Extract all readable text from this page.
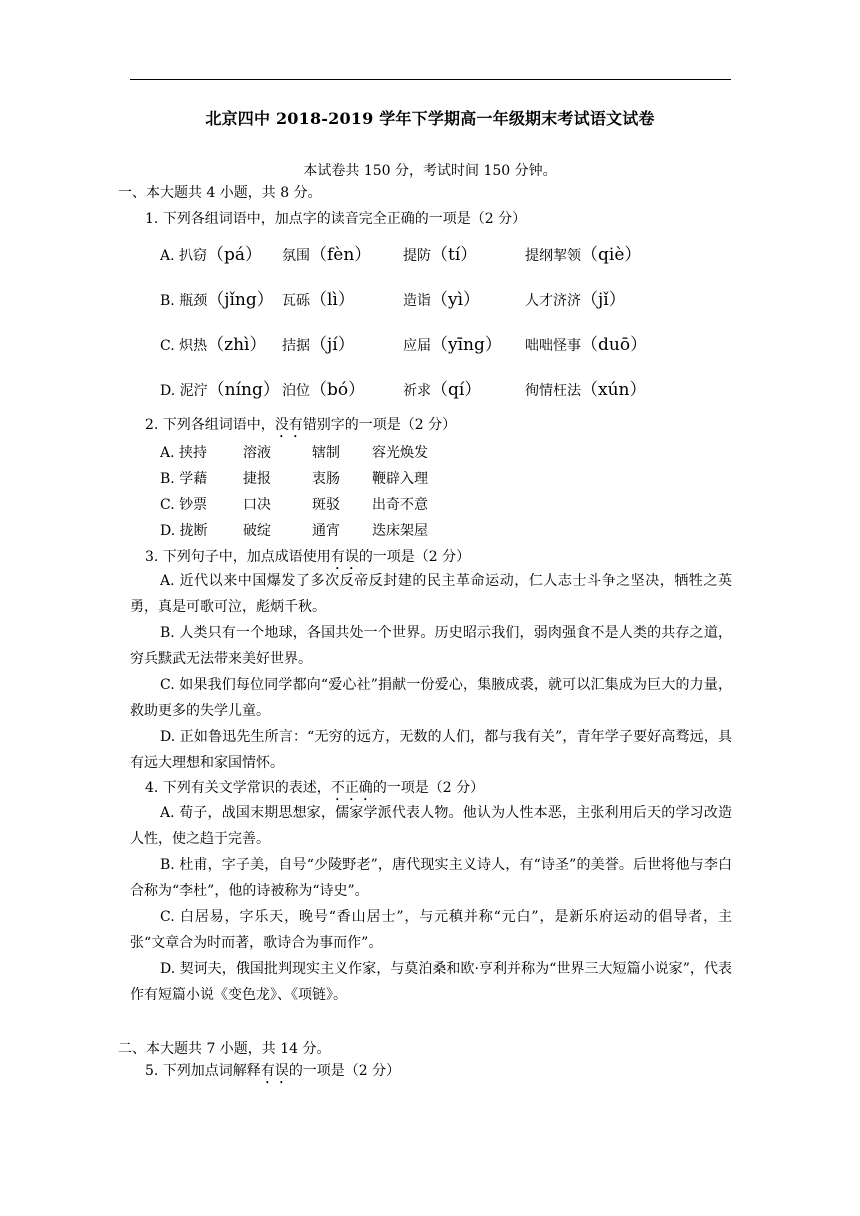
北京四中 2018-2019 学年下学期高一年级期末考试语文试卷
本试卷共 150 分，考试时间 150 分钟。
一、本大题共 4 小题，共 8 分。
1. 下列各组词语中，加点字的读音完全正确的一项是（2 分）
A. 扒窃（pá） 氛围（fèn） 提防（tí）	提纲挈领（qiè）
B. 瓶颈（jǐng） 瓦砾（lì）	造诣（yì）	人才济济（jǐ）
C. 炽热（zhì） 拮据（jí）	应届（yīng） 咄咄怪事（duō）
D. 泥泞（níng） 泊位（bó）	祈求（qí）	徇情枉法（xún）
2. 下列各组词语中，没有错别字的一项是（2 分）
A. 挟持	溶液	辖制 容光焕发
B. 学藉	捷报	衷肠 鞭辟入理
C. 钞票	口决	斑驳 出奇不意
D. 拢断	破绽	通宵 迭床架屋
3. 下列句子中，加点成语使用有误的一项是（2 分）
A. 近代以来中国爆发了多次反帝反封建的民主革命运动，仁人志士斗争之坚决，牺牲之英勇，真是可歌可泣，彪炳千秋。
B. 人类只有一个地球，各国共处一个世界。历史昭示我们，弱肉强食不是人类的共存之道，穷兵黩武无法带来美好世界。
C. 如果我们每位同学都向“爱心社”捐献一份爱心，集腋成裘，就可以汇集成为巨大的力量，救助更多的失学儿童。
D. 正如鲁迅先生所言：“无穷的远方，无数的人们，都与我有关”，青年学子要好高骛远，具有远大理想和家国情怀。
4. 下列有关文学常识的表述，不正确的一项是（2 分）
A. 荀子，战国末期思想家，儒家学派代表人物。他认为人性本恶，主张利用后天的学习改造人性，使之趋于完善。
B. 杜甫，字子美，自号“少陵野老”，唐代现实主义诗人，有“诗圣”的美誉。后世将他与李白合称为“李杜”，他的诗被称为“诗史”。
C. 白居易，字乐天，晚号“香山居士”，与元稹并称“元白”，是新乐府运动的倡导者，主张“文章合为时而著，歌诗合为事而作”。
D. 契诃夫，俄国批判现实主义作家，与莫泊桑和欧·亨利并称为“世界三大短篇小说家”，代表作有短篇小说《变色龙》、《项链》。
二、本大题共 7 小题，共 14 分。
5. 下列加点词解释有误的一项是（2 分）
